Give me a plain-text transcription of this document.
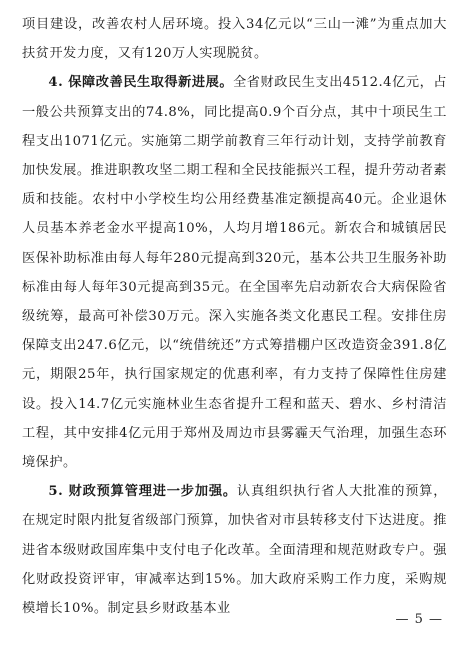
项目建设，改善农村人居环境。投入34亿元以“三山一滩”为重点加大扶贫开发力度，又有120万人实现脱贫。

4. 保障改善民生取得新进展。全省财政民生支出4512.4亿元，占一般公共预算支出的74.8%，同比提高0.9个百分点，其中十项民生工程支出1071亿元。实施第二期学前教育三年行动计划，支持学前教育加快发展。推进职教攻坚二期工程和全民技能振兴工程，提升劳动者素质和技能。农村中小学校生均公用经费基准定额提高40元。企业退休人员基本养老金水平提高10%，人均月增186元。新农合和城镇居民医保补助标准由每人每年280元提高到320元，基本公共卫生服务补助标准由每人每年30元提高到35元。在全国率先启动新农合大病保险省级统筹，最高可补偿30万元。深入实施各类文化惠民工程。安排住房保障支出247.6亿元，以“统借统还”方式筹措棚户区改造资金391.8亿元，期限25年，执行国家规定的优惠利率，有力支持了保障性住房建设。投入14.7亿元实施林业生态省提升工程和蓝天、碧水、乡村清洁工程，其中安排4亿元用于郑州及周边市县雾霾天气治理，加强生态环境保护。

5. 财政预算管理进一步加强。认真组织执行省人大批准的预算，在规定时限内批复省级部门预算，加快省对市县转移支付下达进度。推进省本级财政国库集中支付电子化改革。全面清理和规范财政专户。强化财政投资评审，审减率达到15%。加大政府采购工作力度，采购规模增长10%。制定县乡财政基本业

— 5 —
